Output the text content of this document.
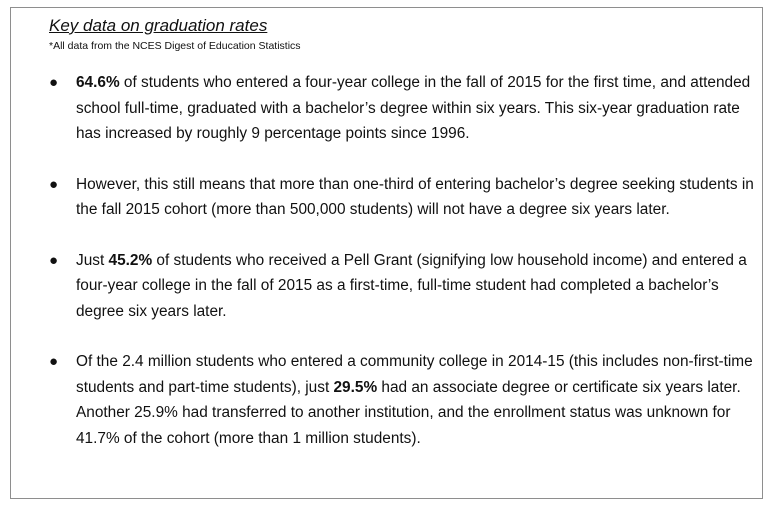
Key data on graduation rates
*All data from the NCES Digest of Education Statistics
● 64.6% of students who entered a four-year college in the fall of 2015 for the first time, and attended school full-time, graduated with a bachelor’s degree within six years. This six-year graduation rate has increased by roughly 9 percentage points since 1996.
● However, this still means that more than one-third of entering bachelor’s degree seeking students in the fall 2015 cohort (more than 500,000 students) will not have a degree six years later.
● Just 45.2% of students who received a Pell Grant (signifying low household income) and entered a four-year college in the fall of 2015 as a first-time, full-time student had completed a bachelor’s degree six years later.
● Of the 2.4 million students who entered a community college in 2014-15 (this includes non-first-time students and part-time students), just 29.5% had an associate degree or certificate six years later. Another 25.9% had transferred to another institution, and the enrollment status was unknown for 41.7% of the cohort (more than 1 million students).
